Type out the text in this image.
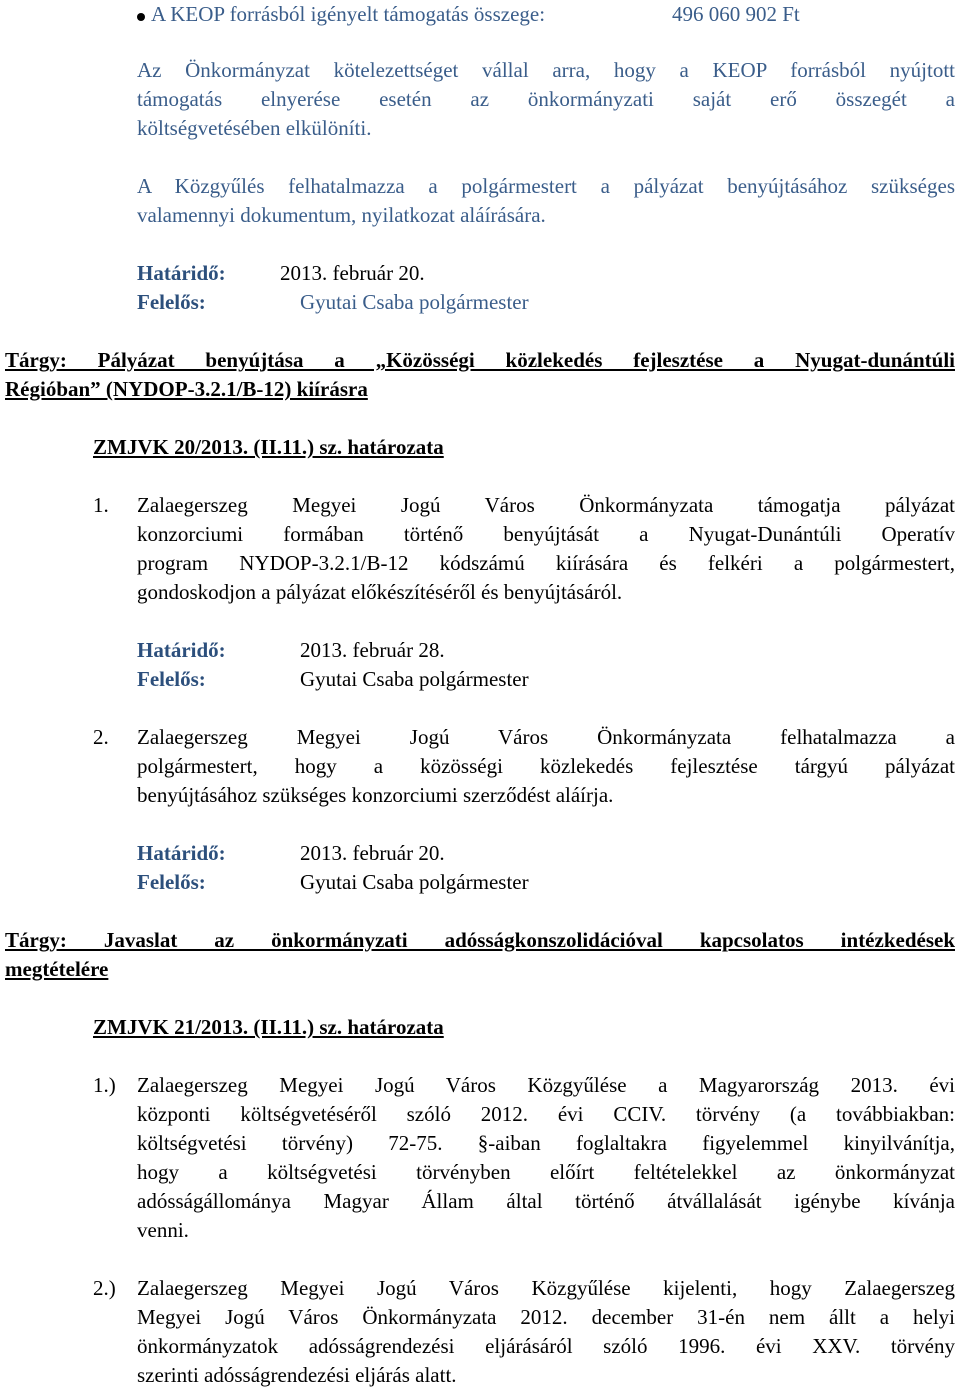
A KEOP forrásból igényelt támogatás összege:	496 060 902 Ft
Az Önkormányzat kötelezettséget vállal arra, hogy a KEOP forrásból nyújtott
támogatás elnyerése esetén az önkormányzati saját erő összegét a
költségvetésében elkülöníti.
A Közgyűlés felhatalmazza a polgármestert a pályázat benyújtásához szükséges
valamennyi dokumentum, nyilatkozat aláírására.
Határidő:	2013. február 20.
Felelős:	Gyutai Csaba polgármester
Tárgy: Pályázat benyújtása a „Közösségi közlekedés fejlesztése a Nyugat-dunántúli
Régióban” (NYDOP-3.2.1/B-12) kiírásra
ZMJVK 20/2013. (II.11.) sz. határozata
1. Zalaegerszeg Megyei Jogú Város Önkormányzata támogatja pályázat
konzorciumi formában történő benyújtását a Nyugat-Dunántúli Operatív
program NYDOP-3.2.1/B-12 kódszámú kiírására és felkéri a polgármestert,
gondoskodjon a pályázat előkészítéséről és benyújtásáról.
Határidő:	2013. február 28.
Felelős:	Gyutai Csaba polgármester
2. Zalaegerszeg Megyei Jogú Város Önkormányzata felhatalmazza a
polgármestert, hogy a közösségi közlekedés fejlesztése tárgyú pályázat
benyújtásához szükséges konzorciumi szerződést aláírja.
Határidő:	2013. február 20.
Felelős:	Gyutai Csaba polgármester
Tárgy: Javaslat az önkormányzati adósságkonszolidációval kapcsolatos intézkedések
megtételére
ZMJVK 21/2013. (II.11.) sz. határozata
1.) Zalaegerszeg Megyei Jogú Város Közgyűlése a Magyarország 2013. évi
központi költségvetéséről szóló 2012. évi CCIV. törvény (a továbbiakban:
költségvetési törvény) 72-75. §-aiban foglaltakra figyelemmel kinyilvánítja,
hogy a költségvetési törvényben előírt feltételekkel az önkormányzat
adósságállománya Magyar Állam által történő átvállalását igénybe kívánja
venni.
2.) Zalaegerszeg Megyei Jogú Város Közgyűlése kijelenti, hogy Zalaegerszeg
Megyei Jogú Város Önkormányzata 2012. december 31-én nem állt a helyi
önkormányzatok adósságrendezési eljárásáról szóló 1996. évi XXV. törvény
szerinti adósságrendezési eljárás alatt.
